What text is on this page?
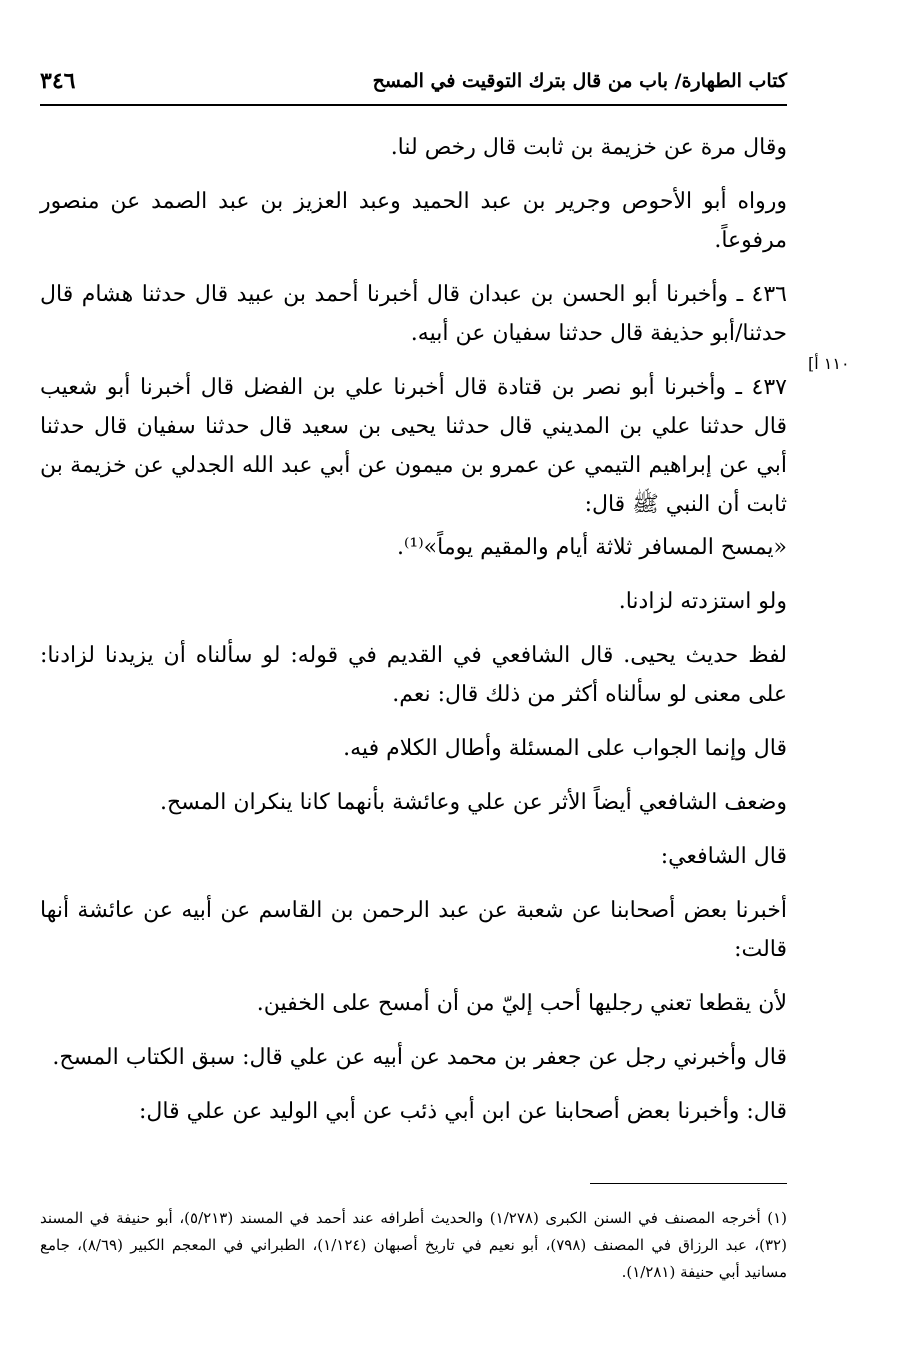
كتاب الطهارة/ باب من قال بترك التوقيت في المسح
٣٤٦
١١٠ أ]

وقال مرة عن خزيمة بن ثابت قال رخص لنا.

ورواه أبو الأحوص وجرير بن عبد الحميد وعبد العزيز بن عبد الصمد عن منصور مرفوعاً.

٤٣٦ ـ وأخبرنا أبو الحسن بن عبدان قال أخبرنا أحمد بن عبيد قال حدثنا هشام قال حدثنا/أبو حذيفة قال حدثنا سفيان عن أبيه.

٤٣٧ ـ وأخبرنا أبو نصر بن قتادة قال أخبرنا علي بن الفضل قال أخبرنا أبو شعيب قال حدثنا علي بن المديني قال حدثنا يحيى بن سعيد قال حدثنا سفيان قال حدثنا أبي عن إبراهيم التيمي عن عمرو بن ميمون عن أبي عبد الله الجدلي عن خزيمة بن ثابت أن النبي ﷺ قال:

«يمسح المسافر ثلاثة أيام والمقيم يوماً»⁽¹⁾.

ولو استزدته لزادنا.

لفظ حديث يحيى. قال الشافعي في القديم في قوله: لو سألناه أن يزيدنا لزادنا: على معنى لو سألناه أكثر من ذلك قال: نعم.

قال وإنما الجواب على المسئلة وأطال الكلام فيه.

وضعف الشافعي أيضاً الأثر عن علي وعائشة بأنهما كانا ينكران المسح.

قال الشافعي:

أخبرنا بعض أصحابنا عن شعبة عن عبد الرحمن بن القاسم عن أبيه عن عائشة أنها قالت:

لأن يقطعا تعني رجليها أحب إليّ من أن أمسح على الخفين.

قال وأخبرني رجل عن جعفر بن محمد عن أبيه عن علي قال: سبق الكتاب المسح.

قال: وأخبرنا بعض أصحابنا عن ابن أبي ذئب عن أبي الوليد عن علي قال:

(١) أخرجه المصنف في السنن الكبرى (١/٢٧٨) والحديث أطرافه عند أحمد في المسند (٥/٢١٣)، أبو حنيفة في المسند (٣٢)، عبد الرزاق في المصنف (٧٩٨)، أبو نعيم في تاريخ أصبهان (١/١٢٤)، الطبراني في المعجم الكبير (٨/٦٩)، جامع مسانيد أبي حنيفة (١/٢٨١).
